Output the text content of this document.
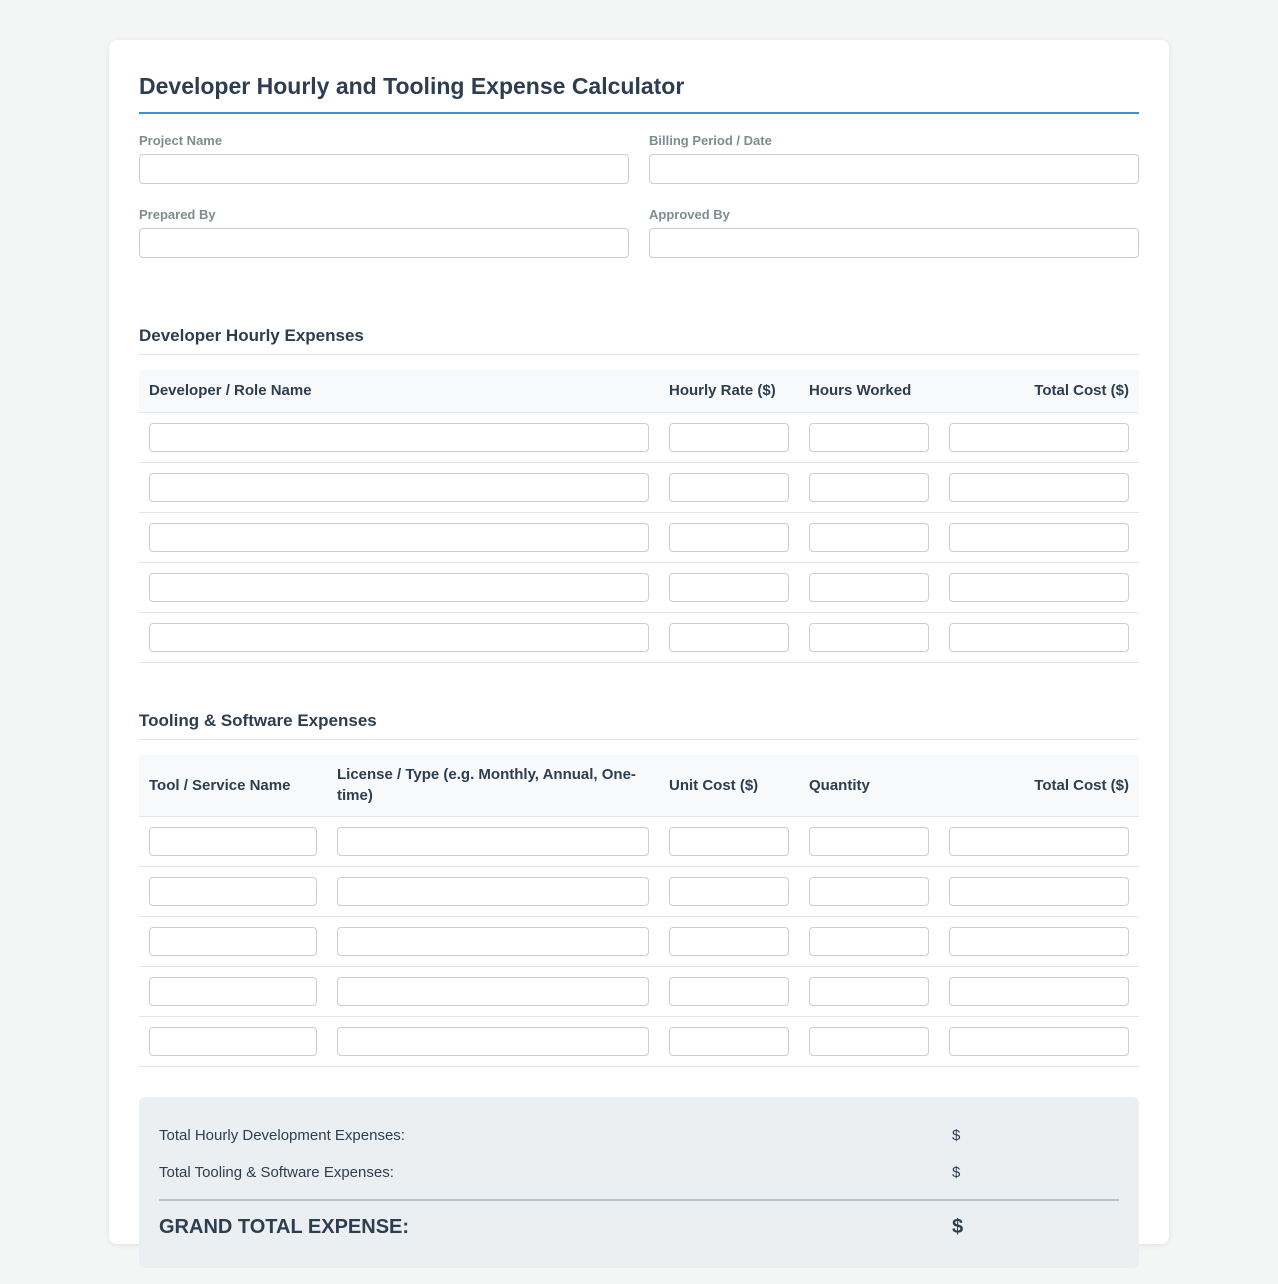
Developer Hourly and Tooling Expense Calculator
Project Name	Billing Period / Date
Prepared By	Approved By
Developer Hourly Expenses
Developer / Role Name	Hourly Rate ($)	Hours Worked	Total Cost ($)

Tooling & Software Expenses
Tool / Service Name	License / Type (e.g. Monthly, Annual, One-time)	Unit Cost ($)	Quantity	Total Cost ($)

Total Hourly Development Expenses:	$
Total Tooling & Software Expenses:	$
GRAND TOTAL EXPENSE:	$
